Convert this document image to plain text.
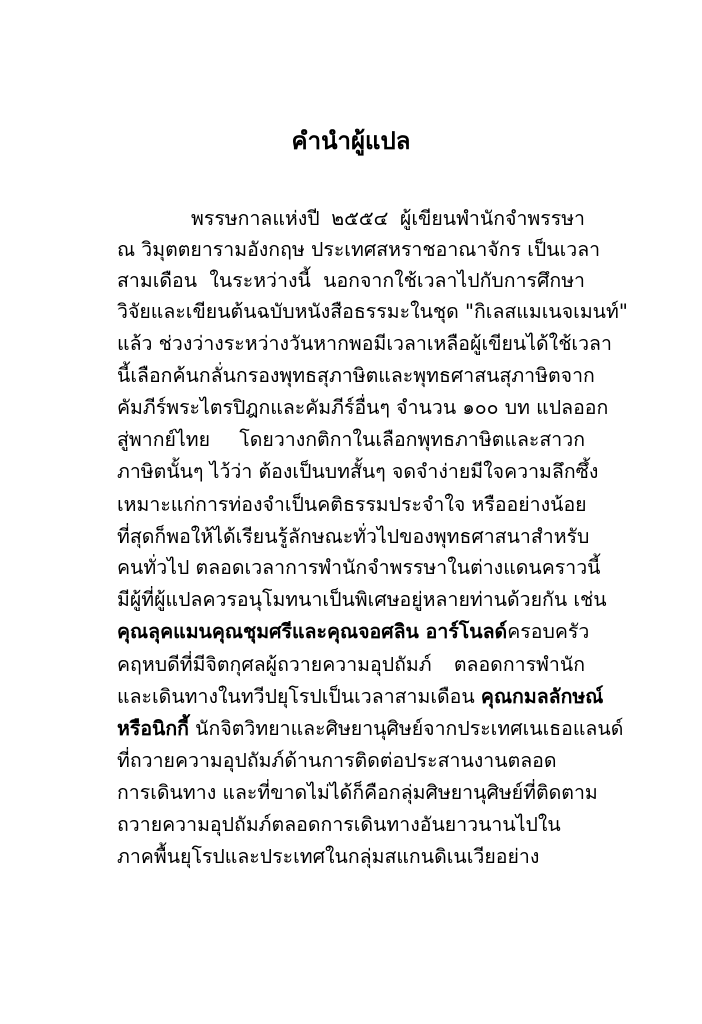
คำนำผู้แปล
พรรษกาลแห่งปี ๒๕๕๔ ผู้เขียนพำนักจำพรรษา
ณ วิมุตตยารามอังกฤษ ประเทศสหราชอาณาจักร เป็นเวลา
สามเดือน ในระหว่างนี้ นอกจากใช้เวลาไปกับการศึกษา
วิจัยและเขียนต้นฉบับหนังสือธรรมะในชุด "กิเลสแมเนจเมนท์"
แล้ว ช่วงว่างระหว่างวันหากพอมีเวลาเหลือผู้เขียนได้ใช้เวลา
นี้เลือกค้นกลั่นกรองพุทธสุภาษิตและพุทธศาสนสุภาษิตจาก
คัมภีร์พระไตรปิฎกและคัมภีร์อื่นๆ จำนวน ๑๐๐ บท แปลออก
สู่พากย์ไทย โดยวางกติกาในเลือกพุทธภาษิตและสาวก
ภาษิตนั้นๆ ไว้ว่า ต้องเป็นบทสั้นๆ จดจำง่ายมีใจความลึกซึ้ง
เหมาะแก่การท่องจำเป็นคติธรรมประจำใจ หรืออย่างน้อย
ที่สุดก็พอให้ได้เรียนรู้ลักษณะทั่วไปของพุทธศาสนาสำหรับ
คนทั่วไป ตลอดเวลาการพำนักจำพรรษาในต่างแดนคราวนี้
มีผู้ที่ผู้แปลควรอนุโมทนาเป็นพิเศษอยู่หลายท่านด้วยกัน เช่น
คุณลุคแมนคุณชุมศรีและคุณจอศลิน อาร์โนลด์ครอบครัว
คฤหบดีที่มีจิตกุศลผู้ถวายความอุปถัมภ์ ตลอดการพำนัก
และเดินทางในทวีปยุโรปเป็นเวลาสามเดือน คุณกมลลักษณ์
หรือนิกกี้ นักจิตวิทยาและศิษยานุศิษย์จากประเทศเนเธอแลนด์
ที่ถวายความอุปถัมภ์ด้านการติดต่อประสานงานตลอด
การเดินทาง และที่ขาดไม่ได้ก็คือกลุ่มศิษยานุศิษย์ที่ติดตาม
ถวายความอุปถัมภ์ตลอดการเดินทางอันยาวนานไปใน
ภาคพื้นยุโรปและประเทศในกลุ่มสแกนดิเนเวียอย่าง
